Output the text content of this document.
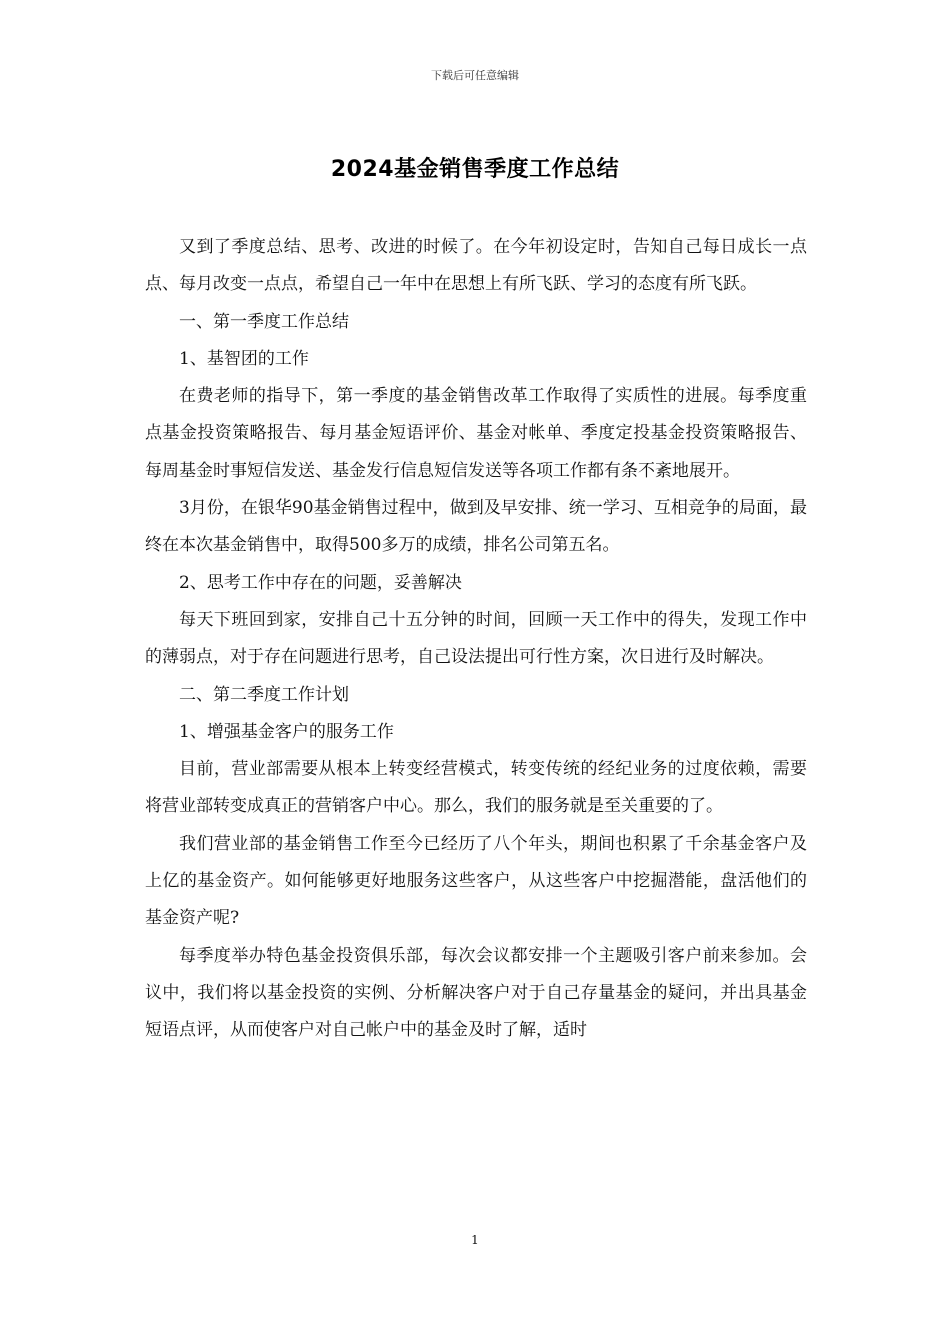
下载后可任意编辑
2024基金销售季度工作总结

又到了季度总结、思考、改进的时候了。在今年初设定时，告知自己每日成长一点点、每月改变一点点，希望自己一年中在思想上有所飞跃、学习的态度有所飞跃。

一、第一季度工作总结

1、基智团的工作

在费老师的指导下，第一季度的基金销售改革工作取得了实质性的进展。每季度重点基金投资策略报告、每月基金短语评价、基金对帐单、季度定投基金投资策略报告、每周基金时事短信发送、基金发行信息短信发送等各项工作都有条不紊地展开。

3月份，在银华90基金销售过程中，做到及早安排、统一学习、互相竞争的局面，最终在本次基金销售中，取得500多万的成绩，排名公司第五名。

2、思考工作中存在的问题，妥善解决

每天下班回到家，安排自己十五分钟的时间，回顾一天工作中的得失，发现工作中的薄弱点，对于存在问题进行思考，自己设法提出可行性方案，次日进行及时解决。

二、第二季度工作计划

1、增强基金客户的服务工作

目前，营业部需要从根本上转变经营模式，转变传统的经纪业务的过度依赖，需要将营业部转变成真正的营销客户中心。那么，我们的服务就是至关重要的了。

我们营业部的基金销售工作至今已经历了八个年头，期间也积累了千余基金客户及上亿的基金资产。如何能够更好地服务这些客户，从这些客户中挖掘潜能，盘活他们的基金资产呢?

每季度举办特色基金投资俱乐部，每次会议都安排一个主题吸引客户前来参加。会议中，我们将以基金投资的实例、分析解决客户对于自己存量基金的疑问，并出具基金短语点评，从而使客户对自己帐户中的基金及时了解，适时

1
